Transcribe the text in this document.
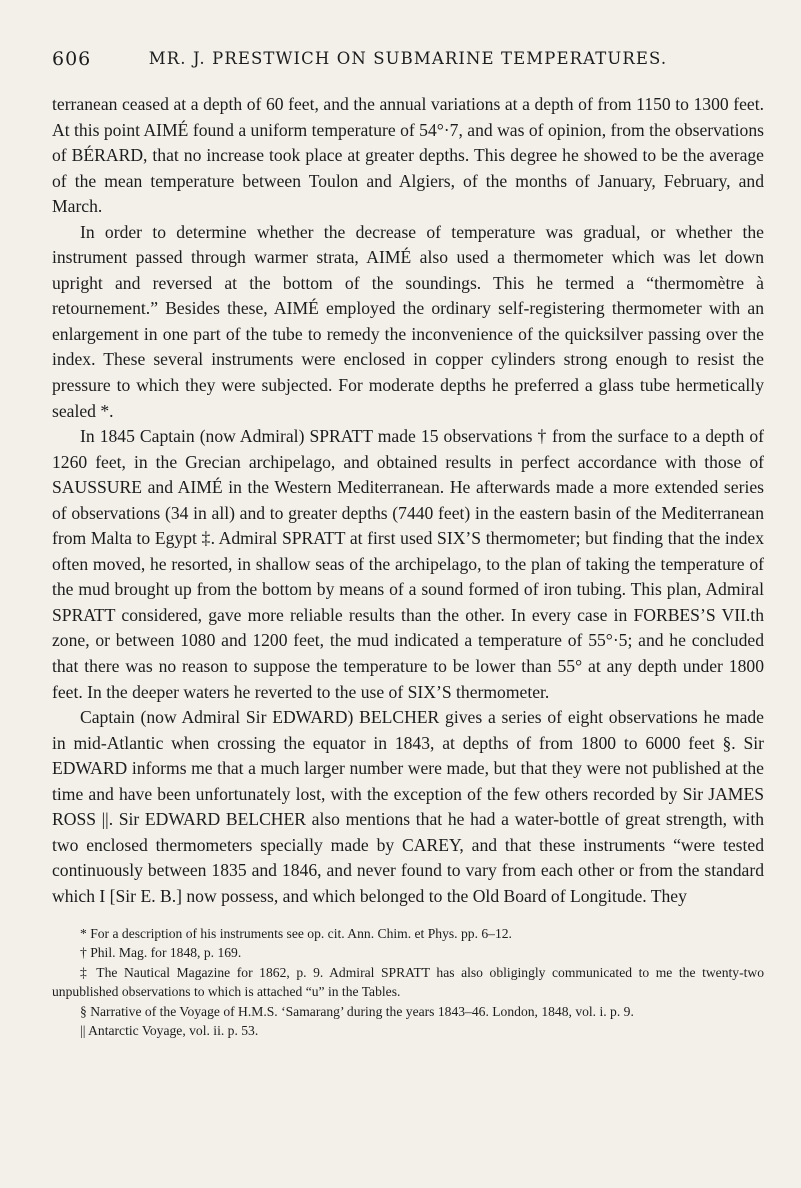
606	MR. J. PRESTWICH ON SUBMARINE TEMPERATURES.

terranean ceased at a depth of 60 feet, and the annual variations at a depth of from 1150 to 1300 feet. At this point AIMÉ found a uniform temperature of 54°·7, and was of opinion, from the observations of BÉRARD, that no increase took place at greater depths. This degree he showed to be the average of the mean temperature between Toulon and Algiers, of the months of January, February, and March.

In order to determine whether the decrease of temperature was gradual, or whether the instrument passed through warmer strata, AIMÉ also used a thermometer which was let down upright and reversed at the bottom of the soundings. This he termed a “thermomètre à retournement.” Besides these, AIMÉ employed the ordinary self-registering thermometer with an enlargement in one part of the tube to remedy the inconvenience of the quicksilver passing over the index. These several instruments were enclosed in copper cylinders strong enough to resist the pressure to which they were subjected. For moderate depths he preferred a glass tube hermetically sealed *.

In 1845 Captain (now Admiral) SPRATT made 15 observations † from the surface to a depth of 1260 feet, in the Grecian archipelago, and obtained results in perfect accordance with those of SAUSSURE and AIMÉ in the Western Mediterranean. He afterwards made a more extended series of observations (34 in all) and to greater depths (7440 feet) in the eastern basin of the Mediterranean from Malta to Egypt ‡. Admiral SPRATT at first used SIX’S thermometer; but finding that the index often moved, he resorted, in shallow seas of the archipelago, to the plan of taking the temperature of the mud brought up from the bottom by means of a sound formed of iron tubing. This plan, Admiral SPRATT considered, gave more reliable results than the other. In every case in FORBES’S VII.th zone, or between 1080 and 1200 feet, the mud indicated a temperature of 55°·5; and he concluded that there was no reason to suppose the temperature to be lower than 55° at any depth under 1800 feet. In the deeper waters he reverted to the use of SIX’S thermometer.

Captain (now Admiral Sir EDWARD) BELCHER gives a series of eight observations he made in mid-Atlantic when crossing the equator in 1843, at depths of from 1800 to 6000 feet §. Sir EDWARD informs me that a much larger number were made, but that they were not published at the time and have been unfortunately lost, with the exception of the few others recorded by Sir JAMES ROSS ||. Sir EDWARD BELCHER also mentions that he had a water-bottle of great strength, with two enclosed thermometers specially made by CAREY, and that these instruments “were tested continuously between 1835 and 1846, and never found to vary from each other or from the standard which I [Sir E. B.] now possess, and which belonged to the Old Board of Longitude. They

* For a description of his instruments see op. cit. Ann. Chim. et Phys. pp. 6–12.

† Phil. Mag. for 1848, p. 169.

‡ The Nautical Magazine for 1862, p. 9. Admiral SPRATT has also obligingly communicated to me the twenty-two unpublished observations to which is attached “u” in the Tables.

§ Narrative of the Voyage of H.M.S. ‘Samarang’ during the years 1843–46. London, 1848, vol. i. p. 9.

|| Antarctic Voyage, vol. ii. p. 53.
